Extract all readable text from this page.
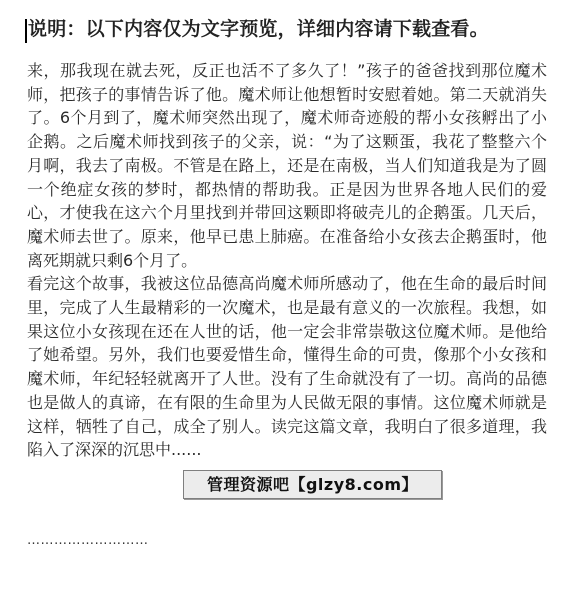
说明：以下内容仅为文字预览，详细内容请下载查看。

来，那我现在就去死，反正也活不了多久了！”孩子的爸爸找到那位魔术师，把孩子的事情告诉了他。魔术师让他想暂时安慰着她。第二天就消失了。6个月到了，魔术师突然出现了，魔术师奇迹般的帮小女孩孵出了小企鹅。之后魔术师找到孩子的父亲，说：“为了这颗蛋，我花了整整六个月啊，我去了南极。不管是在路上，还是在南极，当人们知道我是为了圆一个绝症女孩的梦时，都热情的帮助我。正是因为世界各地人民们的爱心，才使我在这六个月里找到并带回这颗即将破壳儿的企鹅蛋。几天后，魔术师去世了。原来，他早已患上肺癌。在准备给小女孩去企鹅蛋时，他离死期就只剩6个月了。

看完这个故事，我被这位品德高尚魔术师所感动了，他在生命的最后时间里，完成了人生最精彩的一次魔术，也是最有意义的一次旅程。我想，如果这位小女孩现在还在人世的话，他一定会非常崇敬这位魔术师。是他给了她希望。另外，我们也要爱惜生命，懂得生命的可贵，像那个小女孩和魔术师，年纪轻轻就离开了人世。没有了生命就没有了一切。高尚的品德也是做人的真谛，在有限的生命里为人民做无限的事情。这位魔术师就是这样，牺牲了自己，成全了别人。读完这篇文章，我明白了很多道理，我陷入了深深的沉思中......

………………………
管理资源吧【glzy8.com】
